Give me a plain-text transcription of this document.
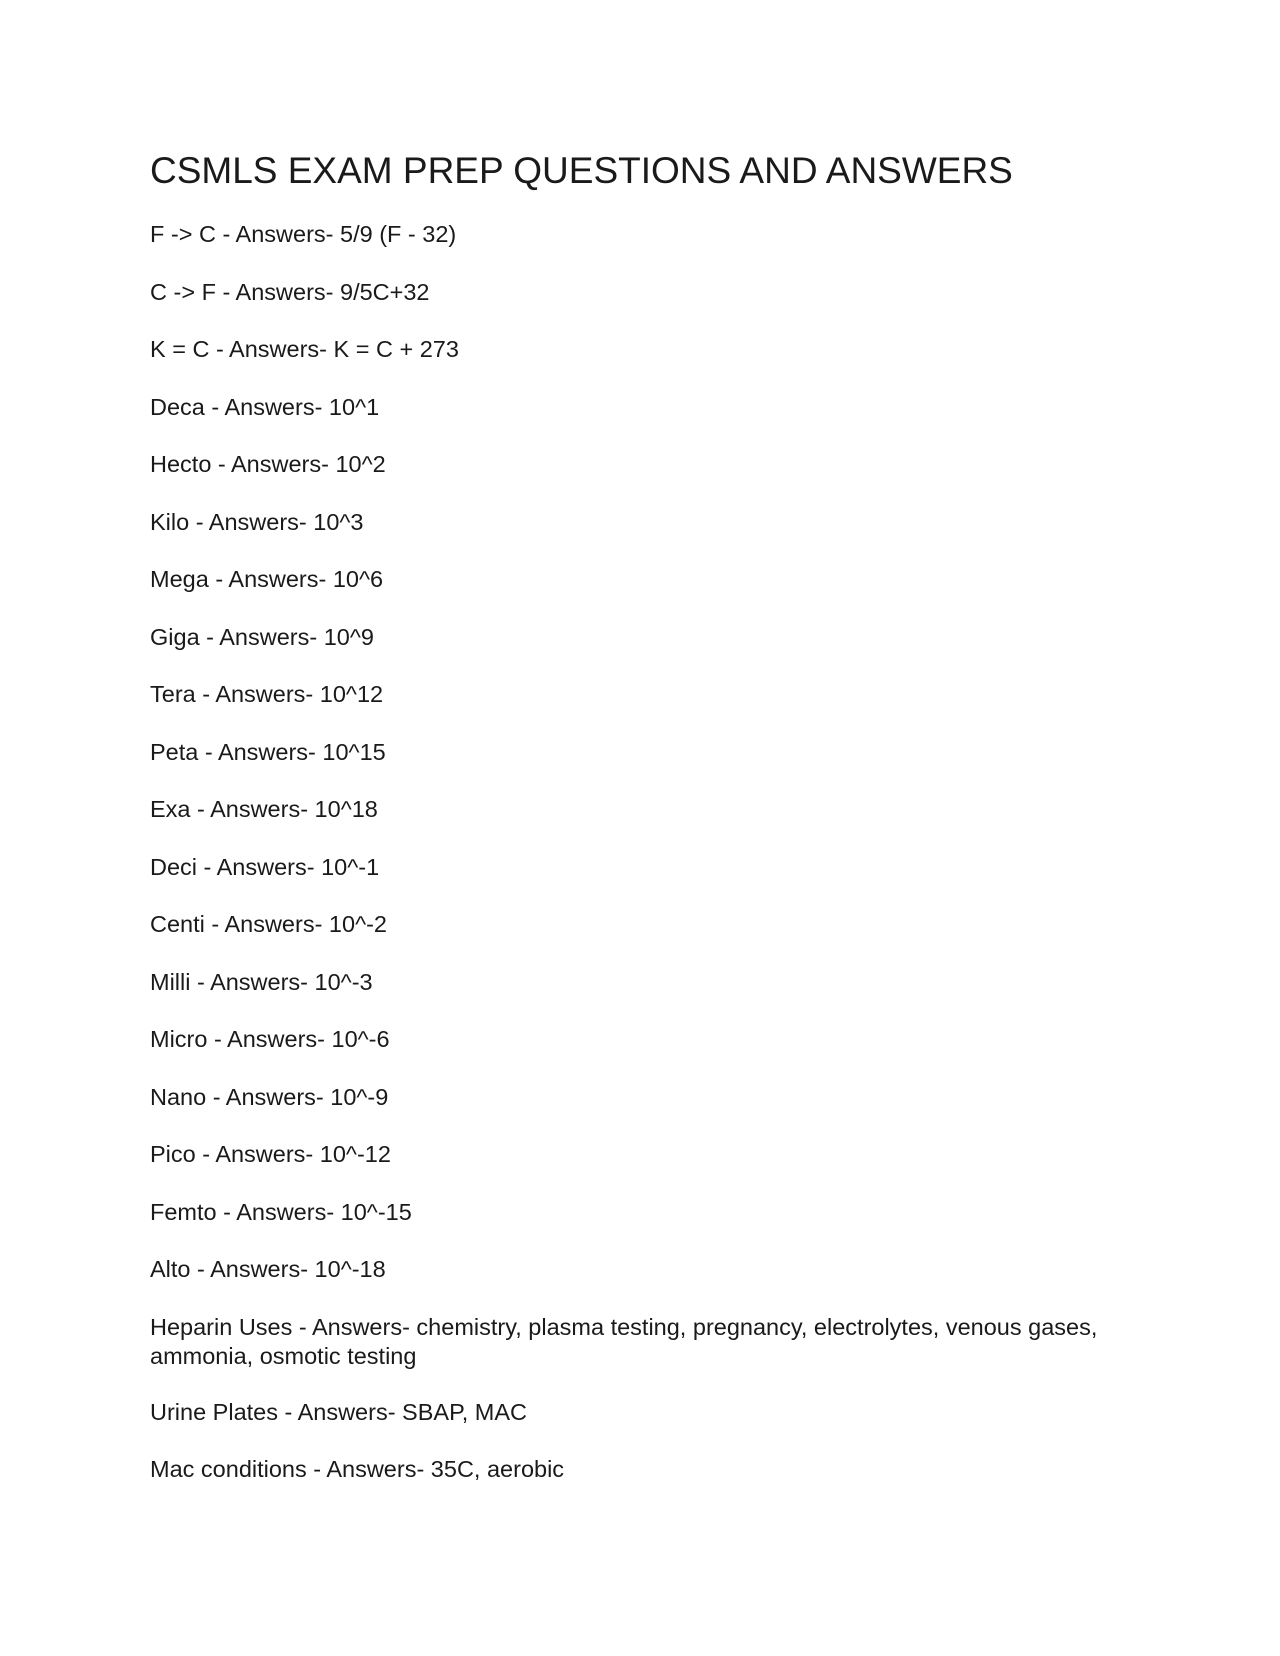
CSMLS EXAM PREP QUESTIONS AND ANSWERS
F -> C - Answers- 5/9 (F - 32)
C -> F - Answers- 9/5C+32
K = C - Answers- K = C + 273
Deca - Answers- 10^1
Hecto - Answers- 10^2
Kilo - Answers- 10^3
Mega - Answers- 10^6
Giga - Answers- 10^9
Tera - Answers- 10^12
Peta - Answers- 10^15
Exa - Answers- 10^18
Deci - Answers- 10^-1
Centi - Answers- 10^-2
Milli - Answers- 10^-3
Micro - Answers- 10^-6
Nano - Answers- 10^-9
Pico - Answers- 10^-12
Femto - Answers- 10^-15
Alto - Answers- 10^-18
Heparin Uses - Answers- chemistry, plasma testing, pregnancy, electrolytes, venous gases, ammonia, osmotic testing
Urine Plates - Answers- SBAP, MAC
Mac conditions - Answers- 35C, aerobic
